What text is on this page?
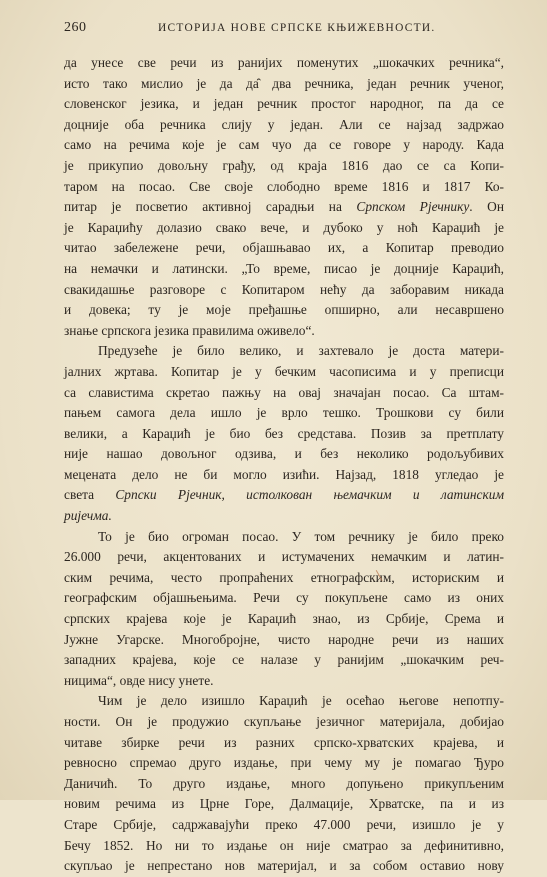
260	ИСТОРИЈА НОВЕ СРПСКЕ КЊИЖЕВНОСТИ.
да унесе све речи из ранијих поменутих „шокачких речника“,
исто тако мислио је да да̑ два речника, један речник ученог,
словенског језика, и један речник простог народног, па да се
доцније оба речника слију у један. Али се најзад задржао
само на речима које је сам чуо да се говоре у народу. Када
је прикупио довољну грађу, од краја 1816 дао се са Копи-
таром на посао. Све своје слободно време 1816 и 1817 Ко-
питар је посветио активној сарадњи на Српском Рјечнику. Он
је Караџићу долазио свако вече, и дубоко у ноћ Караџић је
читао забележене речи, објашњавао их, а Копитар преводио
на немачки и латински. „То време, писао је доцније Караџић,
свакидашње разговоре с Копитаром нећу да заборавим никада
и довека; ту је моје пређашње опширно, али несавршено
знање српскога језика правилима оживело“.
Предузеће је било велико, и захтевало је доста матери-
јалних жртава. Копитар је у бечким часописима и у преписци
са славистима скретао пажњу на овај значајан посао. Са штам-
пањем самога дела ишло је врло тешко. Трошкови су били
велики, а Караџић је био без средстава. Позив за претплату
није нашао довољног одзива, и без неколико родољубивих
мецената дело не би могло изићи. Најзад, 1818 угледао је
света Српски Рјечник, истолкован њемачким и латинским
ријечма.
То је био огроман посао. У том речнику је било преко
26.000 речи, акцентованих и истумачених немачким и латин-
ским речима, често пропраћених етнографским, историским и
географским објашњењима. Речи су покупљене само из оних
српских крајева које је Караџић знао, из Србије, Срема и
Јужне Угарске. Многобројне, чисто народне речи из наших
западних крајева, које се налазе у ранијим „шокачким реч-
ницима“, овде нису унете.
Чим је дело изишло Караџић је осећао његове непотпу-
ности. Он је продужио скупљање језичног материјала, добијао
читаве збирке речи из разних српско-хрватских крајева, и
ревносно спремао друго издање, при чему му је помагао Ђуро
Даничић. То друго издање, много допуњено прикупљеним
новим речима из Црне Горе, Далмације, Хрватске, па и из
Старе Србије, садржавајући преко 47.000 речи, изишло је у
Бечу 1852. Но ни то издање он није сматрао за дефинитивно,
скупљао је непрестано нов материјал, и за собом оставио нову
